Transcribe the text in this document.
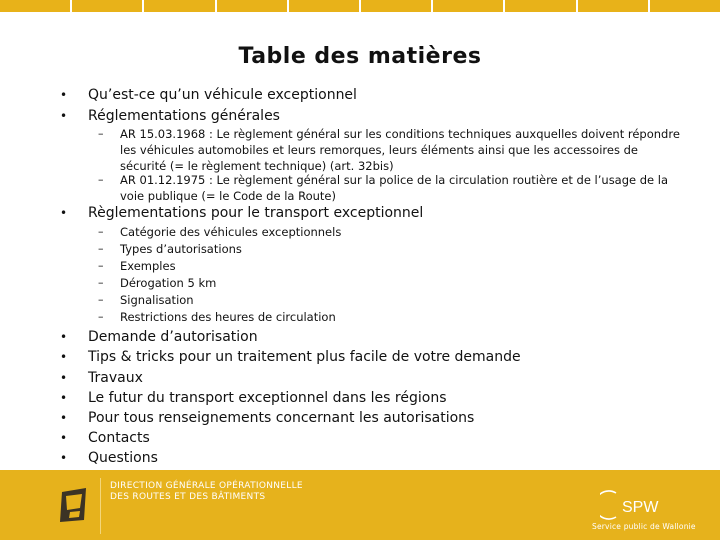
Table des matières
• Qu’est-ce qu’un véhicule exceptionnel
• Réglementations générales
– AR 15.03.1968 : Le règlement général sur les conditions techniques auxquelles doivent répondre les véhicules automobiles et leurs remorques, leurs éléments ainsi que les accessoires de sécurité (= le règlement technique) (art. 32bis)
– AR 01.12.1975 : Le règlement général sur la police de la circulation routière et de l’usage de la voie publique (= le Code de la Route)
• Règlementations pour le transport exceptionnel
– Catégorie des véhicules exceptionnels
– Types d’autorisations
– Exemples
– Dérogation 5 km
– Signalisation
– Restrictions des heures de circulation
• Demande d’autorisation
• Tips & tricks pour un traitement plus facile de votre demande
• Travaux
• Le futur du transport exceptionnel dans les régions
• Pour tous renseignements concernant les autorisations
• Contacts
• Questions
DIRECTION GÉNÉRALE OPÉRATIONNELLE
DES ROUTES ET DES BÂTIMENTS
SPW
Service public de Wallonie
